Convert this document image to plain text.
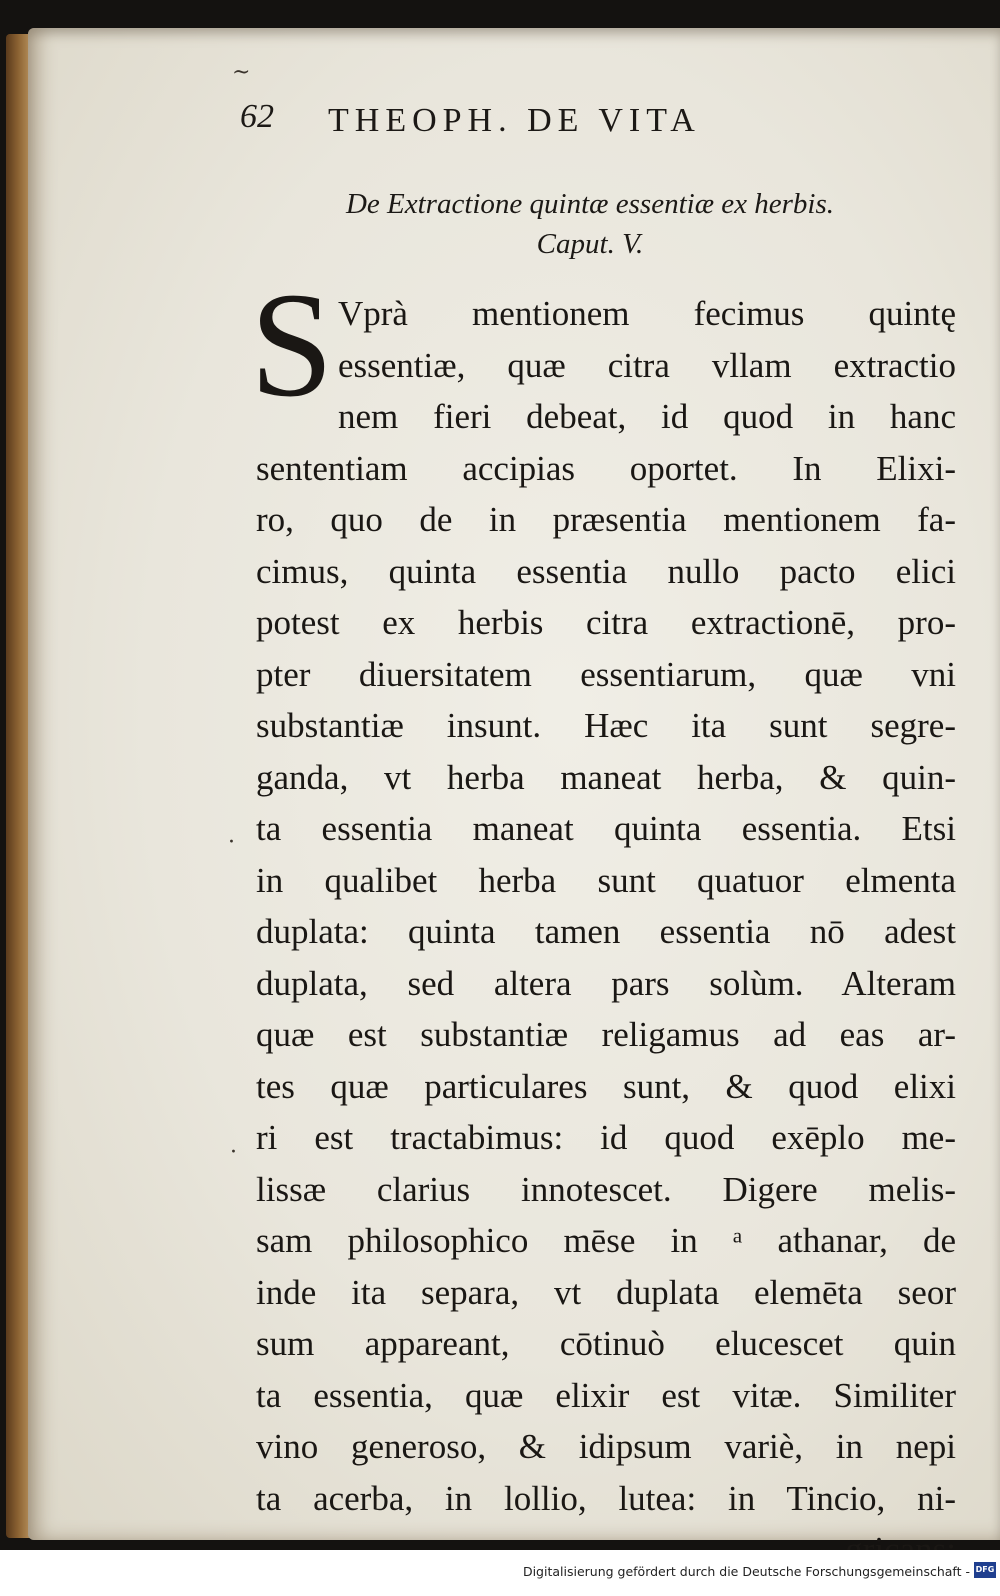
62 THEOPH. DE VITA
De Extractione quintæ essentiæ ex herbis.
Caput. V.
S Vprà mentionem fecimus quintę
essentiæ, quæ citra vllam extractio
nem fieri debeat, id quod in hanc
sententiam accipias oportet. In Elixi-
ro, quo de in præsentia mentionem fa-
cimus, quinta essentia nullo pacto elici
potest ex herbis citra extractionē, pro-
pter diuersitatem essentiarum, quæ vni
substantiæ insunt. Hæc ita sunt segre-
ganda, vt herba maneat herba, & quin-
ta essentia maneat quinta essentia. Etsi
in qualibet herba sunt quatuor elmenta
duplata: quinta tamen essentia nō adest
duplata, sed altera pars solùm. Alteram
quæ est substantiæ religamus ad eas ar-
tes quæ particulares sunt, & quod elixi
ri est tractabimus: id quod exēplo me-
lissæ clarius innotescet. Digere melis-
sam philosophico mēse in ᵃ athanar, de
inde ita separa, vt duplata elemēta seor
sum appareant, cōtinuò elucescet quin
ta essentia, quæ elixir est vitæ. Similiter
vino generoso, & idipsum variè, in nepi
ta acerba, in lollio, lutea: in Tincio, ni-
·
·
~
Digitalisierung gefördert durch die Deutsche Forschungsgemeinschaft - DFG
